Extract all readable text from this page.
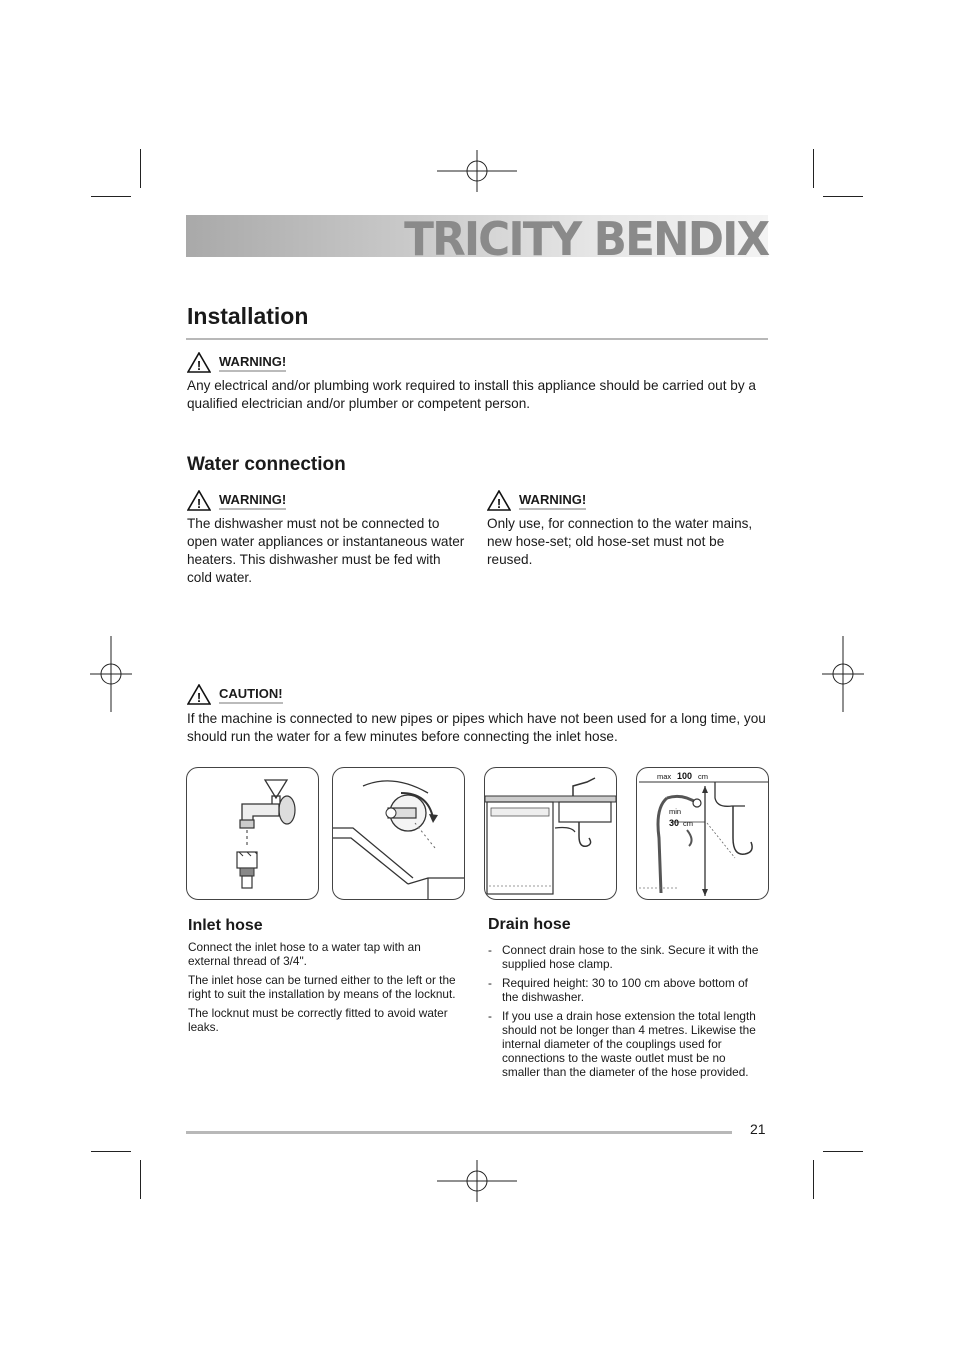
TRICITY BENDIX
Installation
! WARNING!

Any electrical and/or plumbing work required to install this appliance should be carried out by a qualified electrician and/or plumber or competent person.

Water connection
! WARNING!

The dishwasher must not be connected to open water appliances or instantaneous water heaters. This dishwasher must be fed with cold water.

! WARNING!

Only use, for connection to the water mains, new hose-set; old hose-set must not be reused.

! CAUTION!

If the machine is connected to new pipes or pipes which have not been used for a long time, you should run the water for a few minutes before connecting the inlet hose.

max 100 cm
min
30 cm
Inlet hose

Connect the inlet hose to a water tap with an external thread of 3/4".

The inlet hose can be turned either to the left or the right to suit the installation by means of the locknut.

The locknut must be correctly fitted to avoid water leaks.

Drain hose
- Connect drain hose to the sink. Secure it with the supplied hose clamp.
- Required height: 30 to 100 cm above bottom of the dishwasher.
- If you use a drain hose extension the total length should not be longer than 4 metres. Likewise the internal diameter of the couplings used for connections to the waste outlet must be no smaller than the diameter of the hose provided.
21
